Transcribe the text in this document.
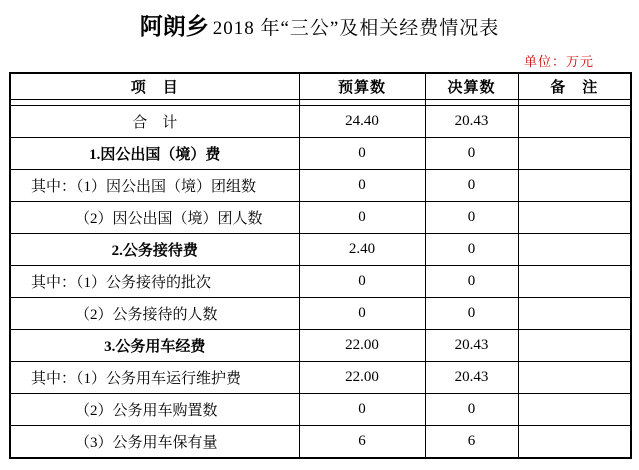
阿朗乡 2018 年“三公”及相关经费情况表
单位：万元
项　目	预算数	决算数	备　注

合　计	24.40	20.43	
1.因公出国（境）费	0	0	
其中：（1）因公出国（境）团组数	0	0	
（2）因公出国（境）团人数	0	0	
2.公务接待费	2.40	0	
其中：（1）公务接待的批次	0	0	
（2）公务接待的人数	0	0	
3.公务用车经费	22.00	20.43	
其中：（1）公务用车运行维护费	22.00	20.43	
（2）公务用车购置数	0	0	
（3）公务用车保有量	6	6	
